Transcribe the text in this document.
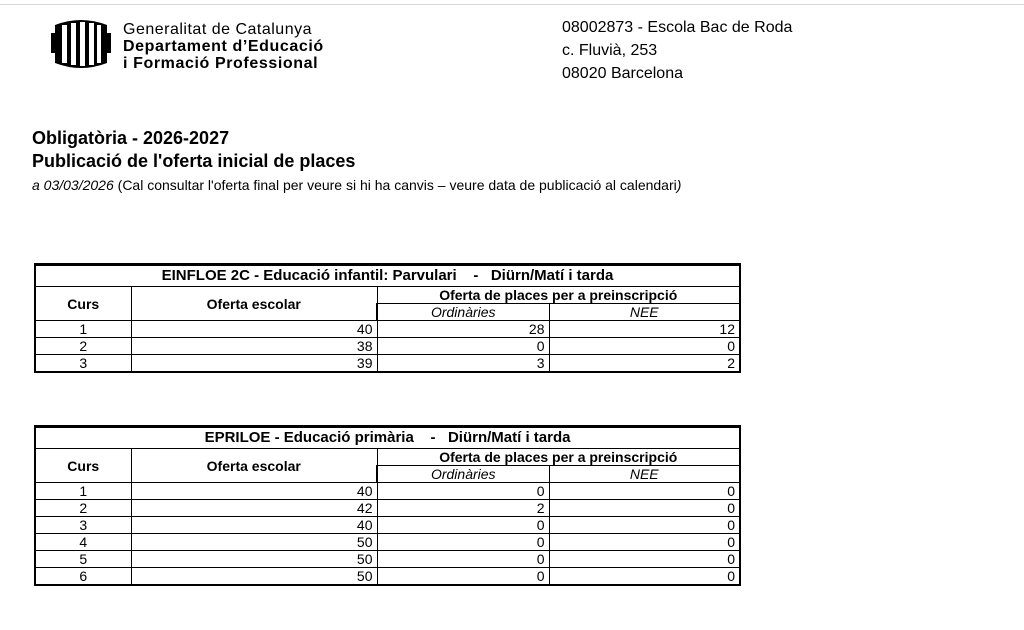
Generalitat de Catalunya
Departament d’Educació
i Formació Professional
08002873 - Escola Bac de Roda
c. Fluvià, 253
08020 Barcelona
Obligatòria - 2026-2027
Publicació de l'oferta inicial de places
a 03/03/2026 (Cal consultar l'oferta final per veure si hi ha canvis – veure data de publicació al calendari)
EINFLOE 2C - Educació infantil: Parvulari    -   Diürn/Matí i tarda			
Curs	Oferta escolar	Oferta de places per a preinscripció	
		Ordinàries	NEE
1	40	28	12
2	38	0	0
3	39	3	2
EPRILOE - Educació primària    -   Diürn/Matí i tarda			
Curs	Oferta escolar	Oferta de places per a preinscripció	
		Ordinàries	NEE
1	40	0	0
2	42	2	0
3	40	0	0
4	50	0	0
5	50	0	0
6	50	0	0
